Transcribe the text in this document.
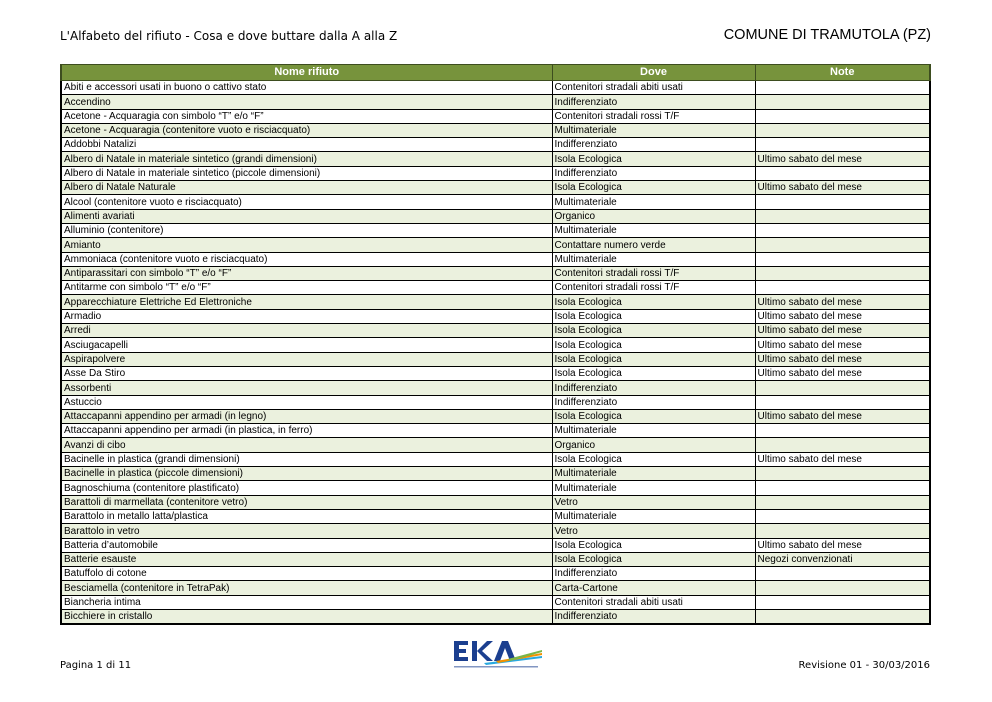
L'Alfabeto del rifiuto - Cosa e dove buttare dalla A alla Z	COMUNE DI TRAMUTOLA (PZ)
Nome rifiuto	Dove	Note
Abiti e accessori usati in buono o cattivo stato	Contenitori stradali abiti usati	
Accendino	Indifferenziato	
Acetone - Acquaragia con simbolo “T” e/o “F”	Contenitori stradali rossi T/F	
Acetone - Acquaragia (contenitore vuoto e risciacquato)	Multimateriale	
Addobbi Natalizi	Indifferenziato	
Albero di Natale in materiale sintetico (grandi dimensioni)	Isola Ecologica	Ultimo sabato del mese
Albero di Natale in materiale sintetico (piccole dimensioni)	Indifferenziato	
Albero di Natale Naturale	Isola Ecologica	Ultimo sabato del mese
Alcool (contenitore vuoto e risciacquato)	Multimateriale	
Alimenti avariati	Organico	
Alluminio (contenitore)	Multimateriale	
Amianto	Contattare numero verde	
Ammoniaca (contenitore vuoto e risciacquato)	Multimateriale	
Antiparassitari con simbolo “T” e/o “F”	Contenitori stradali rossi T/F	
Antitarme con simbolo “T” e/o “F”	Contenitori stradali rossi T/F	
Apparecchiature Elettriche Ed Elettroniche	Isola Ecologica	Ultimo sabato del mese
Armadio	Isola Ecologica	Ultimo sabato del mese
Arredi	Isola Ecologica	Ultimo sabato del mese
Asciugacapelli	Isola Ecologica	Ultimo sabato del mese
Aspirapolvere	Isola Ecologica	Ultimo sabato del mese
Asse Da Stiro	Isola Ecologica	Ultimo sabato del mese
Assorbenti	Indifferenziato	
Astuccio	Indifferenziato	
Attaccapanni appendino per armadi (in legno)	Isola Ecologica	Ultimo sabato del mese
Attaccapanni appendino per armadi (in plastica, in ferro)	Multimateriale	
Avanzi di cibo	Organico	
Bacinelle in plastica (grandi dimensioni)	Isola Ecologica	Ultimo sabato del mese
Bacinelle in plastica (piccole dimensioni)	Multimateriale	
Bagnoschiuma (contenitore plastificato)	Multimateriale	
Barattoli di marmellata (contenitore vetro)	Vetro	
Barattolo in metallo latta/plastica	Multimateriale	
Barattolo in vetro	Vetro	
Batteria d’automobile	Isola Ecologica	Ultimo sabato del mese
Batterie esauste	Isola Ecologica	Negozi convenzionati
Batuffolo di cotone	Indifferenziato	
Besciamella (contenitore in TetraPak)	Carta-Cartone	
Biancheria intima	Contenitori stradali abiti usati	
Bicchiere in cristallo	Indifferenziato	
Pagina 1 di 11	Revisione 01 - 30/03/2016
